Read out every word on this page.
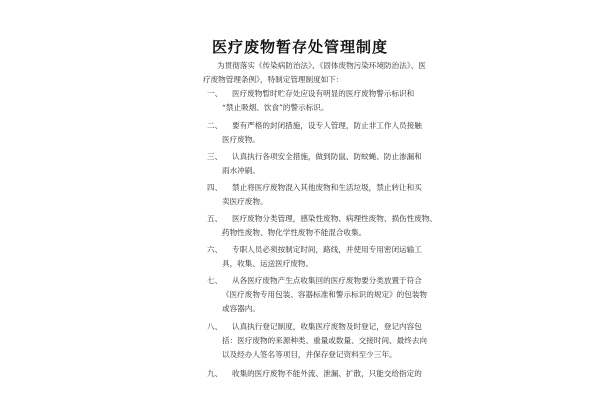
医疗废物暂存处管理制度
为贯彻落实《传染病防治法》、《固体废物污染环境防治法》、医
疗废物管理条例》，特制定管理制度如下：
一、 医疗废物暂时贮存处应设有明显的医疗废物警示标识和
“禁止吸烟、饮食”的警示标识。
二、 要有严格的封闭措施，设专人管理，防止非工作人员接触
医疗废物。
三、 认真执行各项安全措施，做到防鼠、防蚊蝇、防止渗漏和
雨水冲刷。
四、 禁止将医疗废物混入其他废物和生活垃圾，禁止转让和买
卖医疗废物。
五、 医疗废物分类管理，感染性废物、病理性废物、损伤性废物、
药物性废物、物化学性废物不能混合收集。
六、 专职人员必须按制定时间，路线，并使用专用密闭运输工
具，收集、运送医疗废物。
七、 从各医疗废物产生点收集回的医疗废物要分类放置于符合
《医疗废物专用包装、容器标准和警示标识的规定》的包装物
或容器内。
八、 认真执行登记制度，收集医疗废物及时登记，登记内容包
括：医疗废物的来源种类、重量或数量、交接时间、最终去向
以及经办人签名等项目，并保存登记资料至少三年。
九、 收集的医疗废物不能外流、泄漏、扩散，只能交给指定的
